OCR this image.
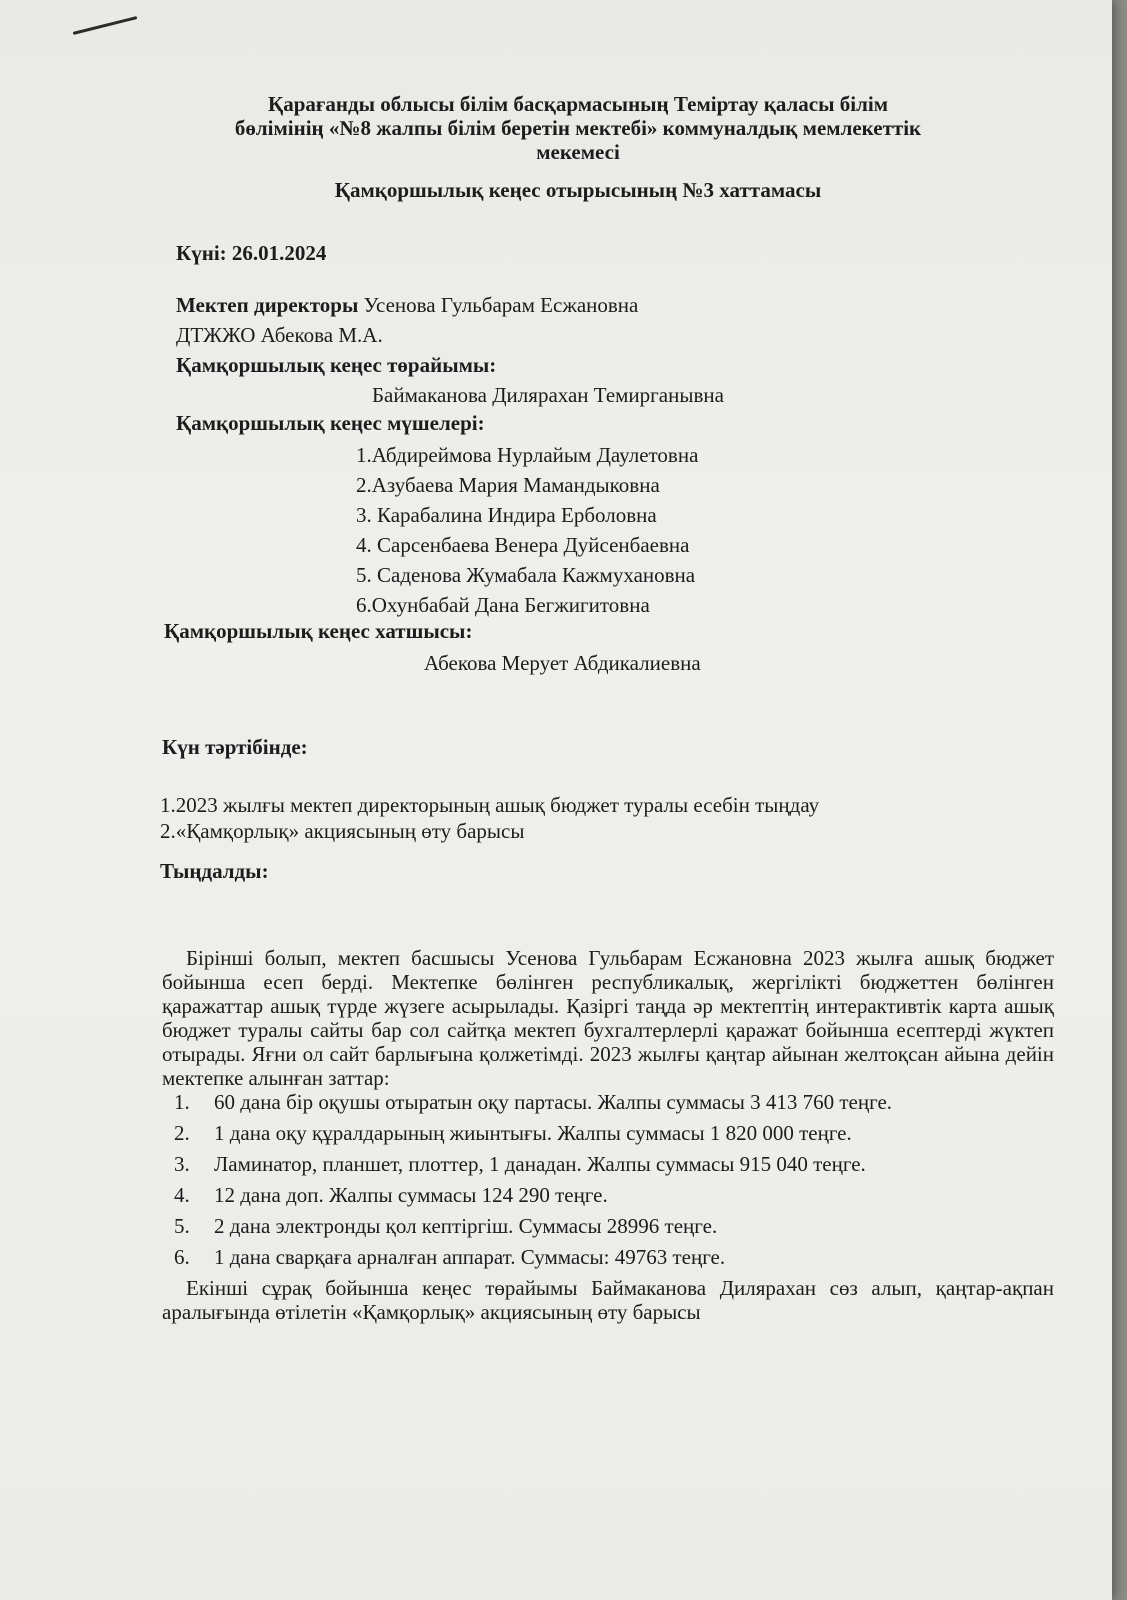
Қарағанды облысы білім басқармасының Теміртау қаласы білім
бөлімінің «№8 жалпы білім беретін мектебі» коммуналдық мемлекеттік
мекемесі
Қамқоршылық кеңес отырысының №3 хаттамасы
Күні: 26.01.2024
Мектеп директоры Усенова Гульбарам Есжановна
ДТЖЖО Абекова М.А.
Қамқоршылық кеңес төрайымы:
Баймаканова Дилярахан Темирганывна
Қамқоршылық кеңес мүшелері:
1.Абдиреймова Нурлайым Даулетовна
2.Азубаева Мария Мамандыковна
3. Карабалина Индира Ерболовна
4. Сарсенбаева Венера Дуйсенбаевна
5. Саденова Жумабала Кажмухановна
6.Охунбабай Дана Бегжигитовна
Қамқоршылық кеңес хатшысы:
Абекова Мерует Абдикалиевна
Күн тәртібінде:
1.2023 жылғы мектеп директорының ашық бюджет туралы есебін тыңдау
2.«Қамқорлық» акциясының өту барысы
Тыңдалды:

Бірінші болып, мектеп басшысы Усенова Гульбарам Есжановна 2023 жылға ашық бюджет бойынша есеп берді. Мектепке бөлінген республикалық, жергілікті бюджеттен бөлінген қаражаттар ашық түрде жүзеге асырылады. Қазіргі таңда әр мектептің интерактивтік карта ашық бюджет туралы сайты бар сол сайтқа мектеп бухгалтерлерлі қаражат бойынша есептерді жүктеп отырады. Яғни ол сайт барлығына қолжетімді. 2023 жылғы қаңтар айынан желтоқсан айына дейін мектепке алынған заттар:

1. 60 дана бір оқушы отыратын оқу партасы. Жалпы суммасы 3 413 760 теңге.
2. 1 дана оқу құралдарының жиынтығы. Жалпы суммасы 1 820 000 теңге.
3. Ламинатор, планшет, плоттер, 1 данадан. Жалпы суммасы 915 040 теңге.
4. 12 дана доп. Жалпы суммасы 124 290 теңге.
5. 2 дана электронды қол кептіргіш. Суммасы 28996 теңге.
6. 1 дана сварқаға арналған аппарат. Суммасы: 49763 теңге.

Екінші сұрақ бойынша кеңес төрайымы Баймаканова Дилярахан сөз алып, қаңтар-ақпан аралығында өтілетін «Қамқорлық» акциясының өту барысы
